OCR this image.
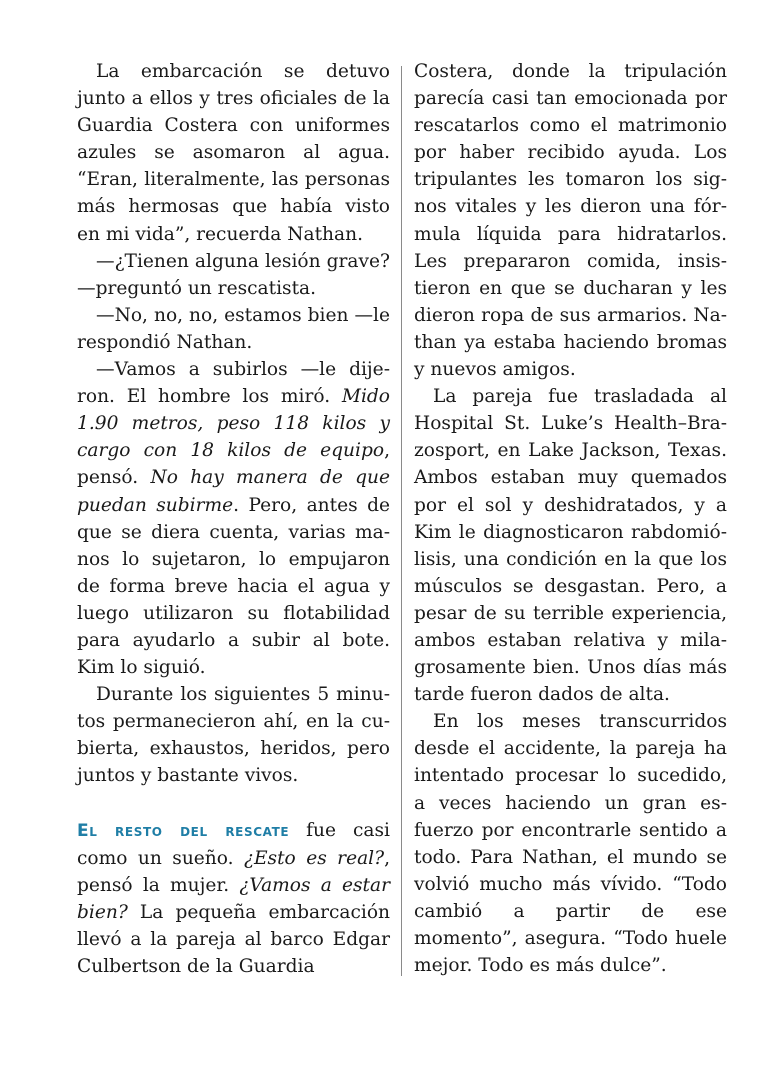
La embarcación se detuvo junto a ellos y tres oficiales de la Guardia Costera con uniformes azules se asomaron al agua. “Eran, literalmente, las personas más hermosas que había visto en mi vida”, recuerda Nathan.

—¿Tienen alguna lesión grave? —preguntó un rescatista.

—No, no, no, estamos bien —le respondió Nathan.

—Vamos a subirlos —le dijeron. El hombre los miró. Mido 1.90 metros, peso 118 kilos y cargo con 18 kilos de equipo, pensó. No hay manera de que puedan subirme. Pero, antes de que se diera cuenta, varias manos lo sujetaron, lo empujaron de forma breve hacia el agua y luego utilizaron su flotabilidad para ayudarlo a subir al bote. Kim lo siguió.

Durante los siguientes 5 minutos permanecieron ahí, en la cubierta, exhaustos, heridos, pero juntos y bastante vivos.

El resto del rescate fue casi como un sueño. ¿Esto es real?, pensó la mujer. ¿Vamos a estar bien? La pequeña embarcación llevó a la pareja al barco Edgar Culbertson de la Guardia

Costera, donde la tripulación parecía casi tan emocionada por rescatarlos como el matrimonio por haber recibido ayuda. Los tripulantes les tomaron los signos vitales y les dieron una fórmula líquida para hidratarlos. Les prepararon comida, insistieron en que se ducharan y les dieron ropa de sus armarios. Nathan ya estaba haciendo bromas y nuevos amigos.

La pareja fue trasladada al Hospital St. Luke’s Health–Brazosport, en Lake Jackson, Texas. Ambos estaban muy quemados por el sol y deshidratados, y a Kim le diagnosticaron rabdomiólisis, una condición en la que los músculos se desgastan. Pero, a pesar de su terrible experiencia, ambos estaban relativa y milagrosamente bien. Unos días más tarde fueron dados de alta.

En los meses transcurridos desde el accidente, la pareja ha intentado procesar lo sucedido, a veces haciendo un gran esfuerzo por encontrarle sentido a todo. Para Nathan, el mundo se volvió mucho más vívido. “Todo cambió a partir de ese momento”, asegura. “Todo huele mejor. Todo es más dulce”.
